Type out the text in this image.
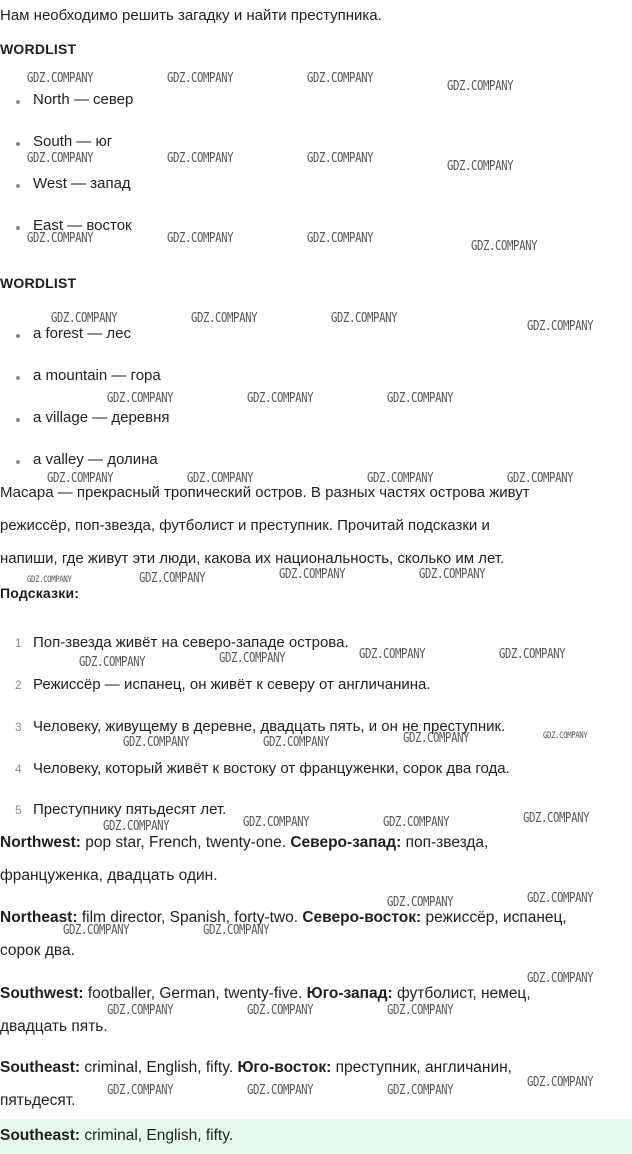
Нам необходимо решить загадку и найти преступника.
WORDLIST
North — север
South — юг
West — запад
East — восток
WORDLIST
a forest — лес
a mountain — гора
a village — деревня
a valley — долина
Масара — прекрасный тропический остров. В разных частях острова живут
режиссёр, поп-звезда, футболист и преступник. Прочитай подсказки и
напиши, где живут эти люди, какова их национальность, сколько им лет.
Подсказки:
1 Поп-звезда живёт на северо-западе острова.
2 Режиссёр — испанец, он живёт к северу от англичанина.
3 Человеку, живущему в деревне, двадцать пять, и он не преступник.
4 Человеку, который живёт к востоку от француженки, сорок два года.
5 Преступнику пятьдесят лет.
Northwest: pop star, French, twenty-one. Северо-запад: поп-звезда,
француженка, двадцать один.
Northeast: film director, Spanish, forty-two. Северо-восток: режиссёр, испанец,
сорок два.
Southwest: footballer, German, twenty-five. Юго-запад: футболист, немец,
двадцать пять.
Southeast: criminal, English, fifty. Юго-восток: преступник, англичанин,
пятьдесят.
Southeast: criminal, English, fifty.
GDZ.COMPANY	GDZ.COMPANY	GDZ.COMPANY
GDZ.COMPANY
GDZ.COMPANY	GDZ.COMPANY	GDZ.COMPANY
GDZ.COMPANY
GDZ.COMPANY	GDZ.COMPANY	GDZ.COMPANY
GDZ.COMPANY
GDZ.COMPANY	GDZ.COMPANY	GDZ.COMPANY
GDZ.COMPANY
GDZ.COMPANY	GDZ.COMPANY	GDZ.COMPANY
GDZ.COMPANY	GDZ.COMPANY	GDZ.COMPANY	GDZ.COMPANY
GDZ.COMPANY	GDZ.COMPANY	GDZ.COMPANY	GDZ.COMPANY
GDZ.COMPANY	GDZ.COMPANY	GDZ.COMPANY	GDZ.COMPANY
GDZ.COMPANY	GDZ.COMPANY	GDZ.COMPANY	GDZ.COMPANY
GDZ.COMPANY	GDZ.COMPANY	GDZ.COMPANY	GDZ.COMPANY
GDZ.COMPANY	GDZ.COMPANY
GDZ.COMPANY	GDZ.COMPANY
GDZ.COMPANY
GDZ.COMPANY	GDZ.COMPANY	GDZ.COMPANY
GDZ.COMPANY
GDZ.COMPANY	GDZ.COMPANY	GDZ.COMPANY
